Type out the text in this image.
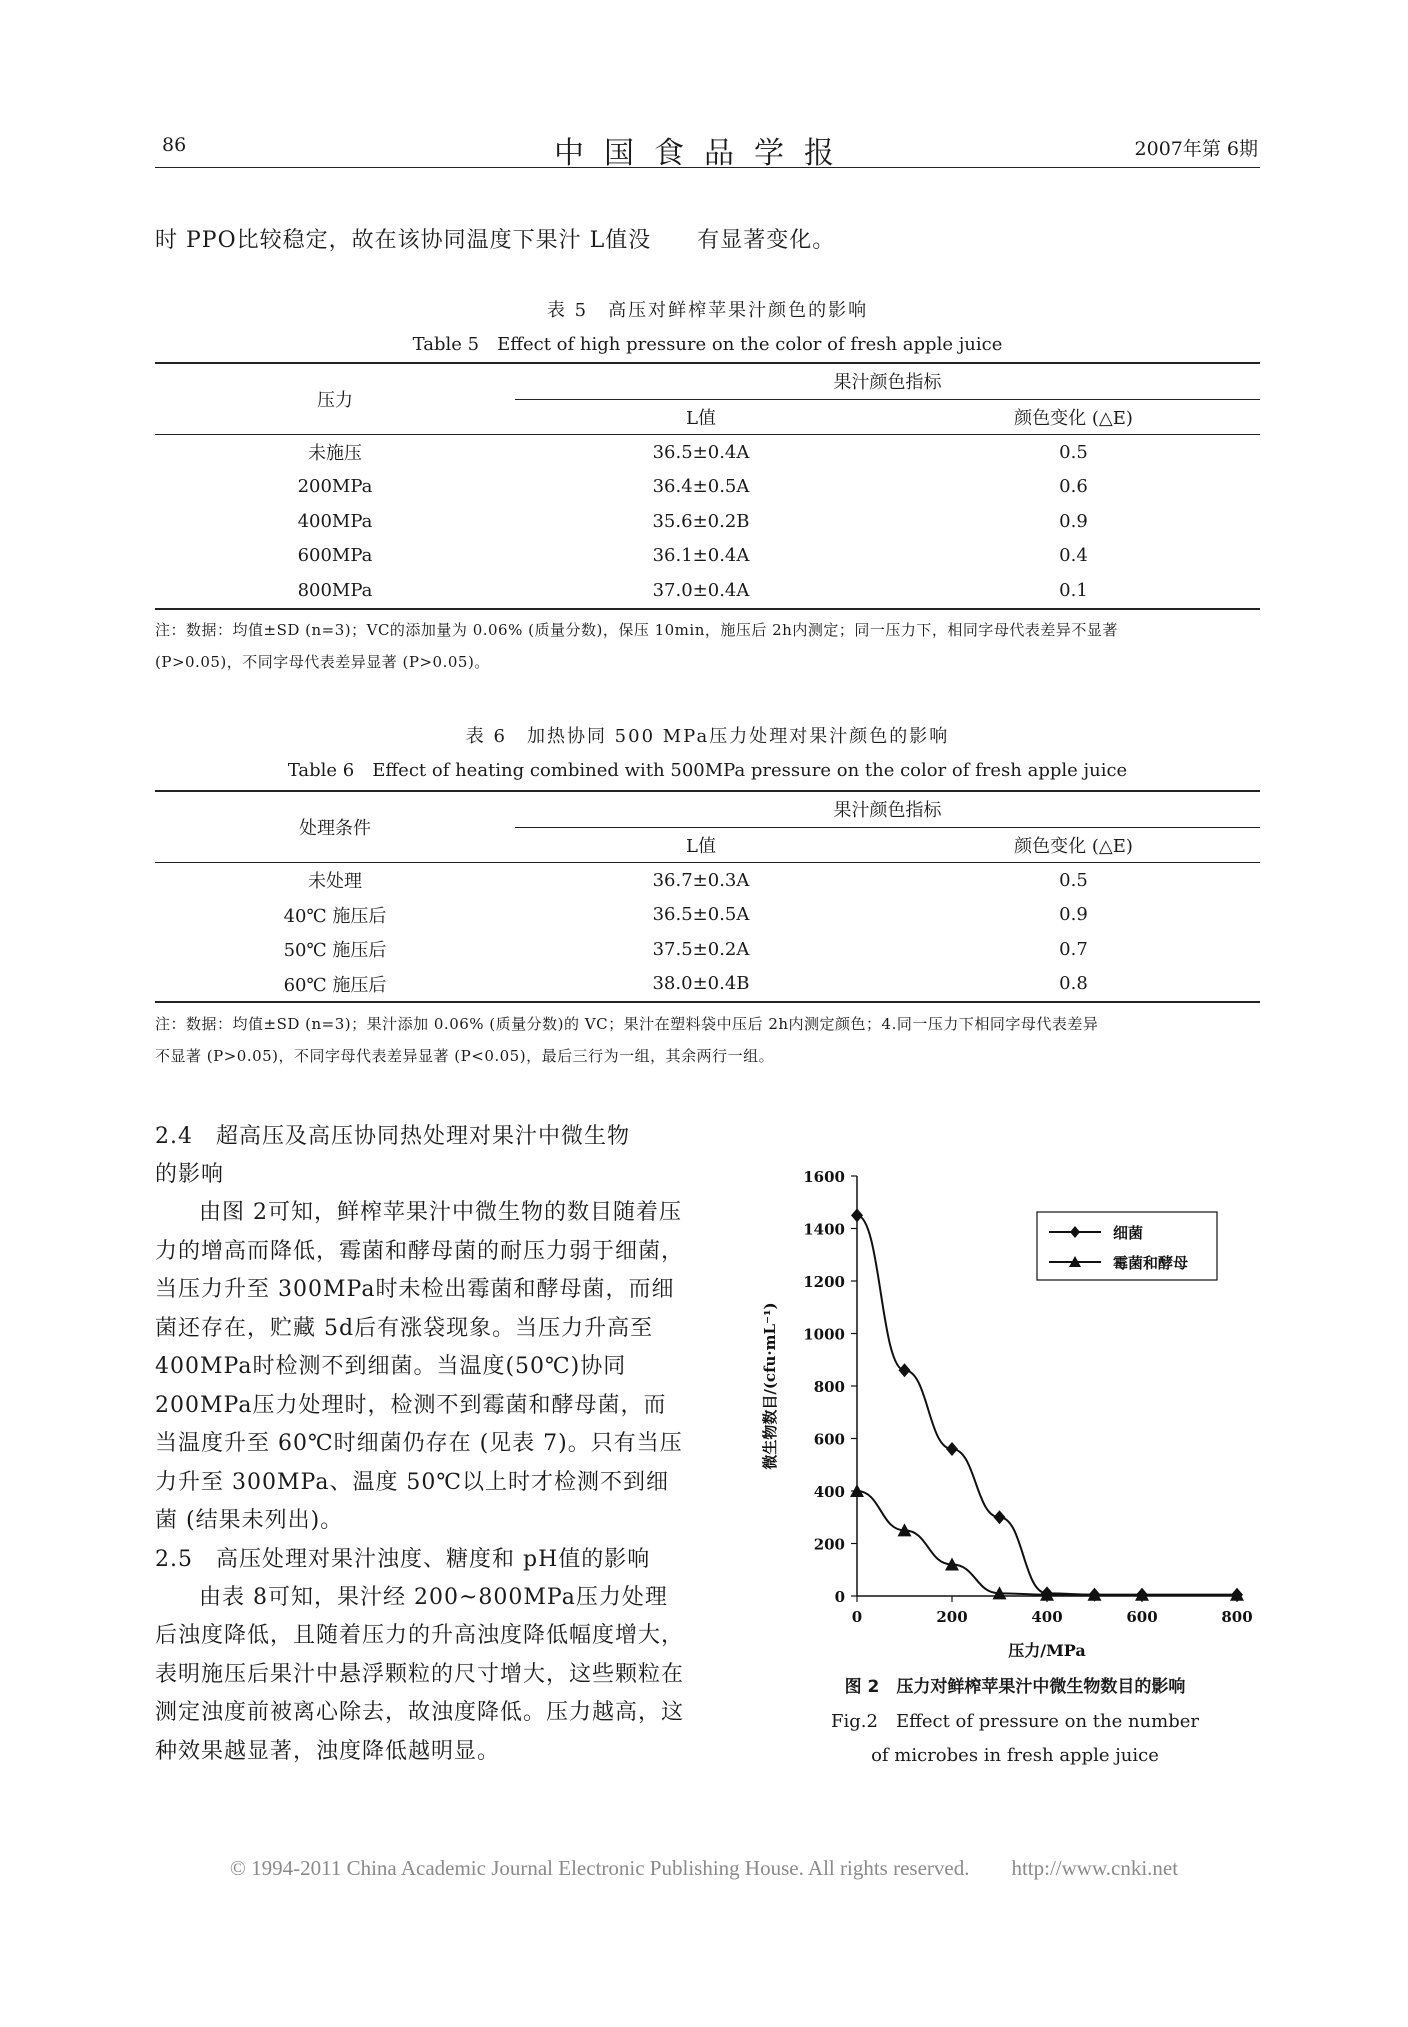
86	中国食品学报	2007年第 6期
时 PPO比较稳定，故在该协同温度下果汁 L值没　　有显著变化。
表 5　高压对鲜榨苹果汁颜色的影响
Table 5　Effect of high pressure on the color of fresh apple juice
压力	果汁颜色指标	
	L值	颜色变化 (△E)
未施压	36.5±0.4A	0.5
200MPa	36.4±0.5A	0.6
400MPa	35.6±0.2B	0.9
600MPa	36.1±0.4A	0.4
800MPa	37.0±0.4A	0.1
注：数据：均值±SD (n=3)；VC的添加量为 0.06% (质量分数)，保压 10min，施压后 2h内测定；同一压力下，相同字母代表差异不显著
(P>0.05)，不同字母代表差异显著 (P>0.05)。
表 6　加热协同 500 MPa压力处理对果汁颜色的影响
Table 6　Effect of heating combined with 500MPa pressure on the color of fresh apple juice
处理条件	果汁颜色指标	
	L值	颜色变化 (△E)
未处理	36.7±0.3A	0.5
40℃ 施压后	36.5±0.5A	0.9
50℃ 施压后	37.5±0.2A	0.7
60℃ 施压后	38.0±0.4B	0.8
注：数据：均值±SD (n=3)；果汁添加 0.06% (质量分数)的 VC；果汁在塑料袋中压后 2h内测定颜色；4.同一压力下相同字母代表差异
不显著 (P>0.05)，不同字母代表差异显著 (P<0.05)，最后三行为一组，其余两行一组。
2.4　超高压及高压协同热处理对果汁中微生物
的影响

由图 2可知，鲜榨苹果汁中微生物的数目随着压力的增高而降低，霉菌和酵母菌的耐压力弱于细菌，当压力升至 300MPa时未检出霉菌和酵母菌，而细菌还存在，贮藏 5d后有涨袋现象。当压力升高至 400MPa时检测不到细菌。当温度(50℃)协同 200MPa压力处理时，检测不到霉菌和酵母菌，而当温度升至 60℃时细菌仍存在 (见表 7)。只有当压力升至 300MPa、温度 50℃以上时才检测不到细菌 (结果未列出)。

2.5　高压处理对果汁浊度、糖度和 pH值的影响

由表 8可知，果汁经 200~800MPa压力处理后浊度降低，且随着压力的升高浊度降低幅度增大，表明施压后果汁中悬浮颗粒的尺寸增大，这些颗粒在测定浊度前被离心除去，故浊度降低。压力越高，这种效果越显著，浊度降低越明显。

0
200
400
600
800
1000
1200
1400
1600
0	200	400	600	800
压力/MPa
微生物数目/(cfu·mL⁻¹)
细菌
霉菌和酵母
图 2　压力对鲜榨苹果汁中微生物数目的影响
Fig.2　Effect of pressure on the number
of microbes in fresh apple juice
© 1994-2011 China Academic Journal Electronic Publishing House. All rights reserved.　　http://www.cnki.net
